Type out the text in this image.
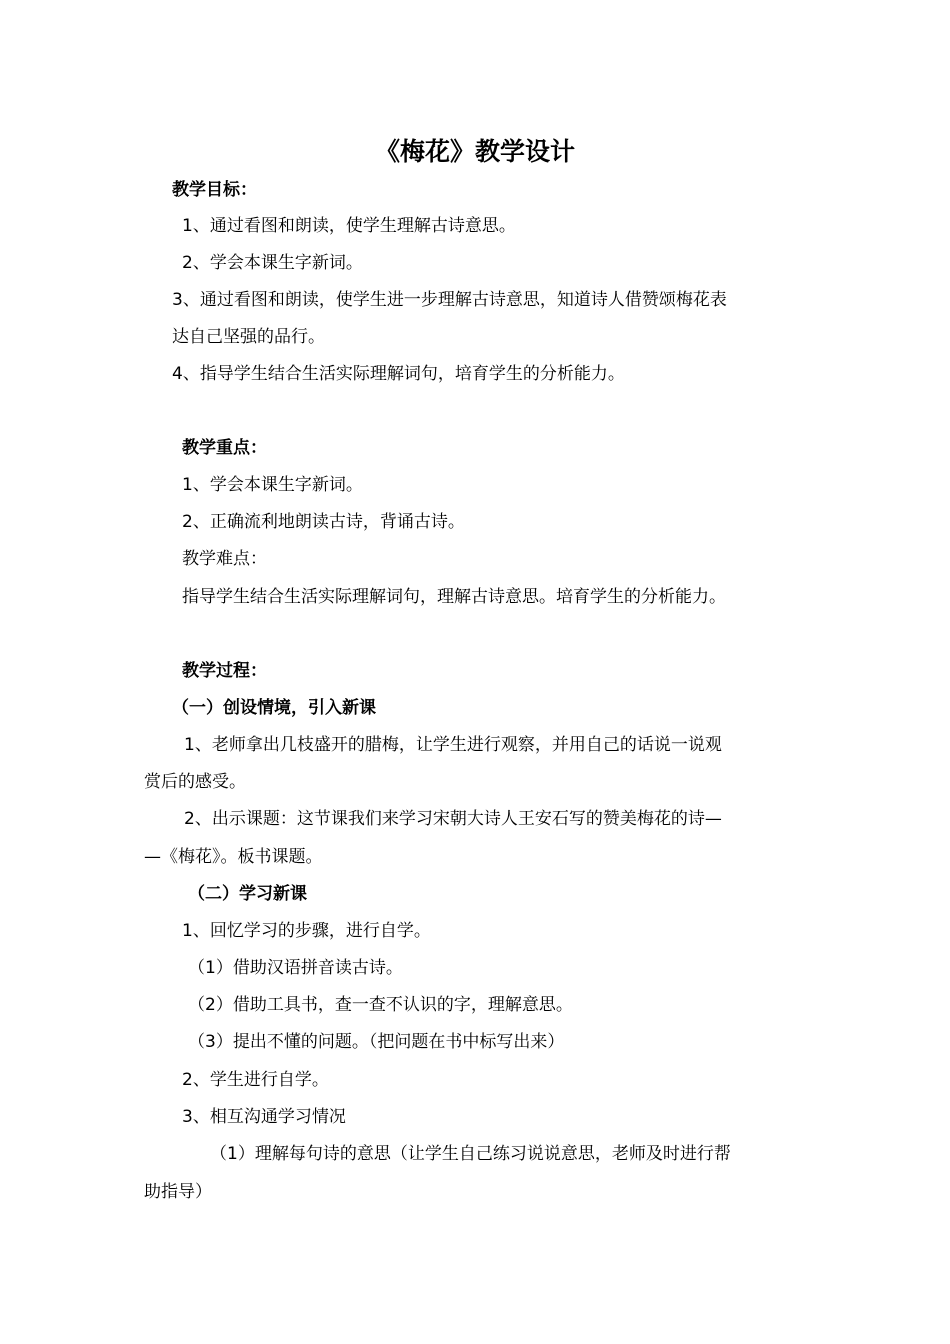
《梅花》教学设计
教学目标：
1、通过看图和朗读，使学生理解古诗意思。
2、学会本课生字新词。
3、通过看图和朗读，使学生进一步理解古诗意思，知道诗人借赞颂梅花表
达自己坚强的品行。
4、指导学生结合生活实际理解词句，培育学生的分析能力。
教学重点：
1、学会本课生字新词。
2、正确流利地朗读古诗，背诵古诗。
教学难点：
指导学生结合生活实际理解词句，理解古诗意思。培育学生的分析能力。
教学过程：
（一）创设情境，引入新课
1、老师拿出几枝盛开的腊梅，让学生进行观察，并用自己的话说一说观
赏后的感受。
2、出示课题：这节课我们来学习宋朝大诗人王安石写的赞美梅花的诗—
—《梅花》。板书课题。
（二）学习新课
1、回忆学习的步骤，进行自学。
（1）借助汉语拼音读古诗。
（2）借助工具书，查一查不认识的字，理解意思。
（3）提出不懂的问题。（把问题在书中标写出来）
2、学生进行自学。
3、相互沟通学习情况
（1）理解每句诗的意思（让学生自己练习说说意思，老师及时进行帮
助指导）
